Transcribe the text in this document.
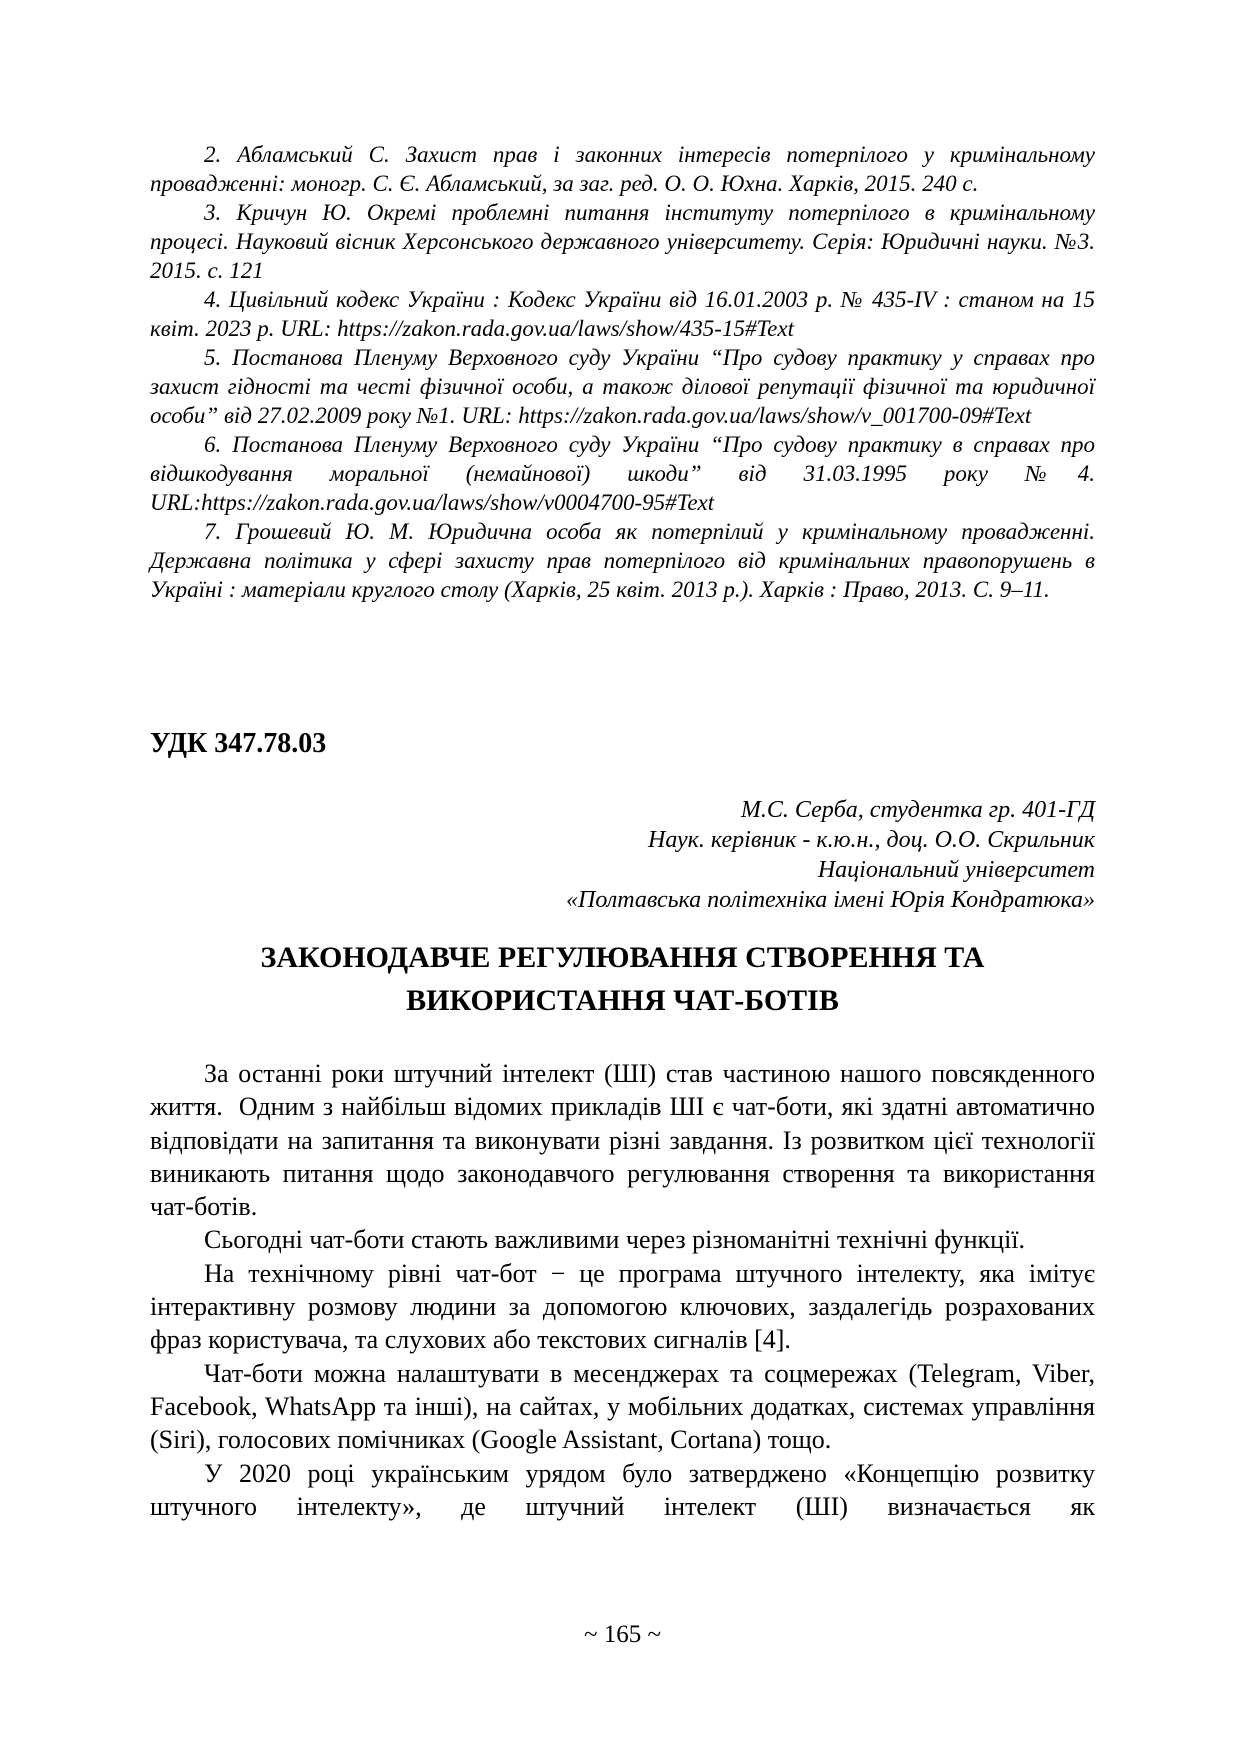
2. Абламський С. Захист прав і законних інтересів потерпілого у кримінальному провадженні: моногр. С. Є. Абламський, за заг. ред. О. О. Юхна. Харків, 2015. 240 с.

3. Кричун Ю. Окремі проблемні питання інституту потерпілого в кримінальному процесі. Науковий вісник Херсонського державного університету. Серія: Юридичні науки. №3. 2015. с. 121

4. Цивільний кодекс України : Кодекс України від 16.01.2003 р. № 435-IV : станом на 15 квіт. 2023 р. URL: https://zakon.rada.gov.ua/laws/show/435-15#Text

5. Постанова Пленуму Верховного суду України “Про судову практику у справах про захист гідності та честі фізичної особи, а також ділової репутації фізичної та юридичної особи” від 27.02.2009 року №1. URL: https://zakon.rada.gov.ua/laws/show/v_001700-09#Text

6. Постанова Пленуму Верховного суду України “Про судову практику в справах про відшкодування моральної (немайнової) шкоди” від 31.03.1995 року №4. URL:https://zakon.rada.gov.ua/laws/show/v0004700-95#Text

7. Грошевий Ю. М. Юридична особа як потерпілий у кримінальному провадженні. Державна політика у сфері захисту прав потерпілого від кримінальних правопорушень в Україні : матеріали круглого столу (Харків, 25 квіт. 2013 р.). Харків : Право, 2013. С. 9–11.

УДК 347.78.03

М.С. Серба, студентка гр. 401-ГД

Наук. керівник - к.ю.н., доц. О.О. Скрильник

Національний університет

«Полтавська політехніка імені Юрія Кондратюка»

ЗАКОНОДАВЧЕ РЕГУЛЮВАННЯ СТВОРЕННЯ ТА ВИКОРИСТАННЯ ЧАТ-БОТІВ

За останні роки штучний інтелект (ШІ) став частиною нашого повсякденного життя.  Одним з найбільш відомих прикладів ШІ є чат-боти, які здатні автоматично відповідати на запитання та виконувати різні завдання. Із розвитком цієї технології виникають питання щодо законодавчого регулювання створення та використання чат-ботів.

Сьогодні чат-боти стають важливими через різноманітні технічні функції.

На технічному рівні чат-бот − це програма штучного інтелекту, яка імітує інтерактивну розмову людини за допомогою ключових, заздалегідь розрахованих фраз користувача, та слухових або текстових сигналів [4].

Чат-боти можна налаштувати в месенджерах та соцмережах (Telegram, Viber, Facebook, WhatsApp та інші), на сайтах, у мобільних додатках, системах управління (Siri), голосових помічниках (Google Assistant, Cortana) тощо.

У 2020 році українським урядом було затверджено «Концепцію розвитку штучного інтелекту», де штучний інтелект (ШІ) визначається як

~ 165 ~
